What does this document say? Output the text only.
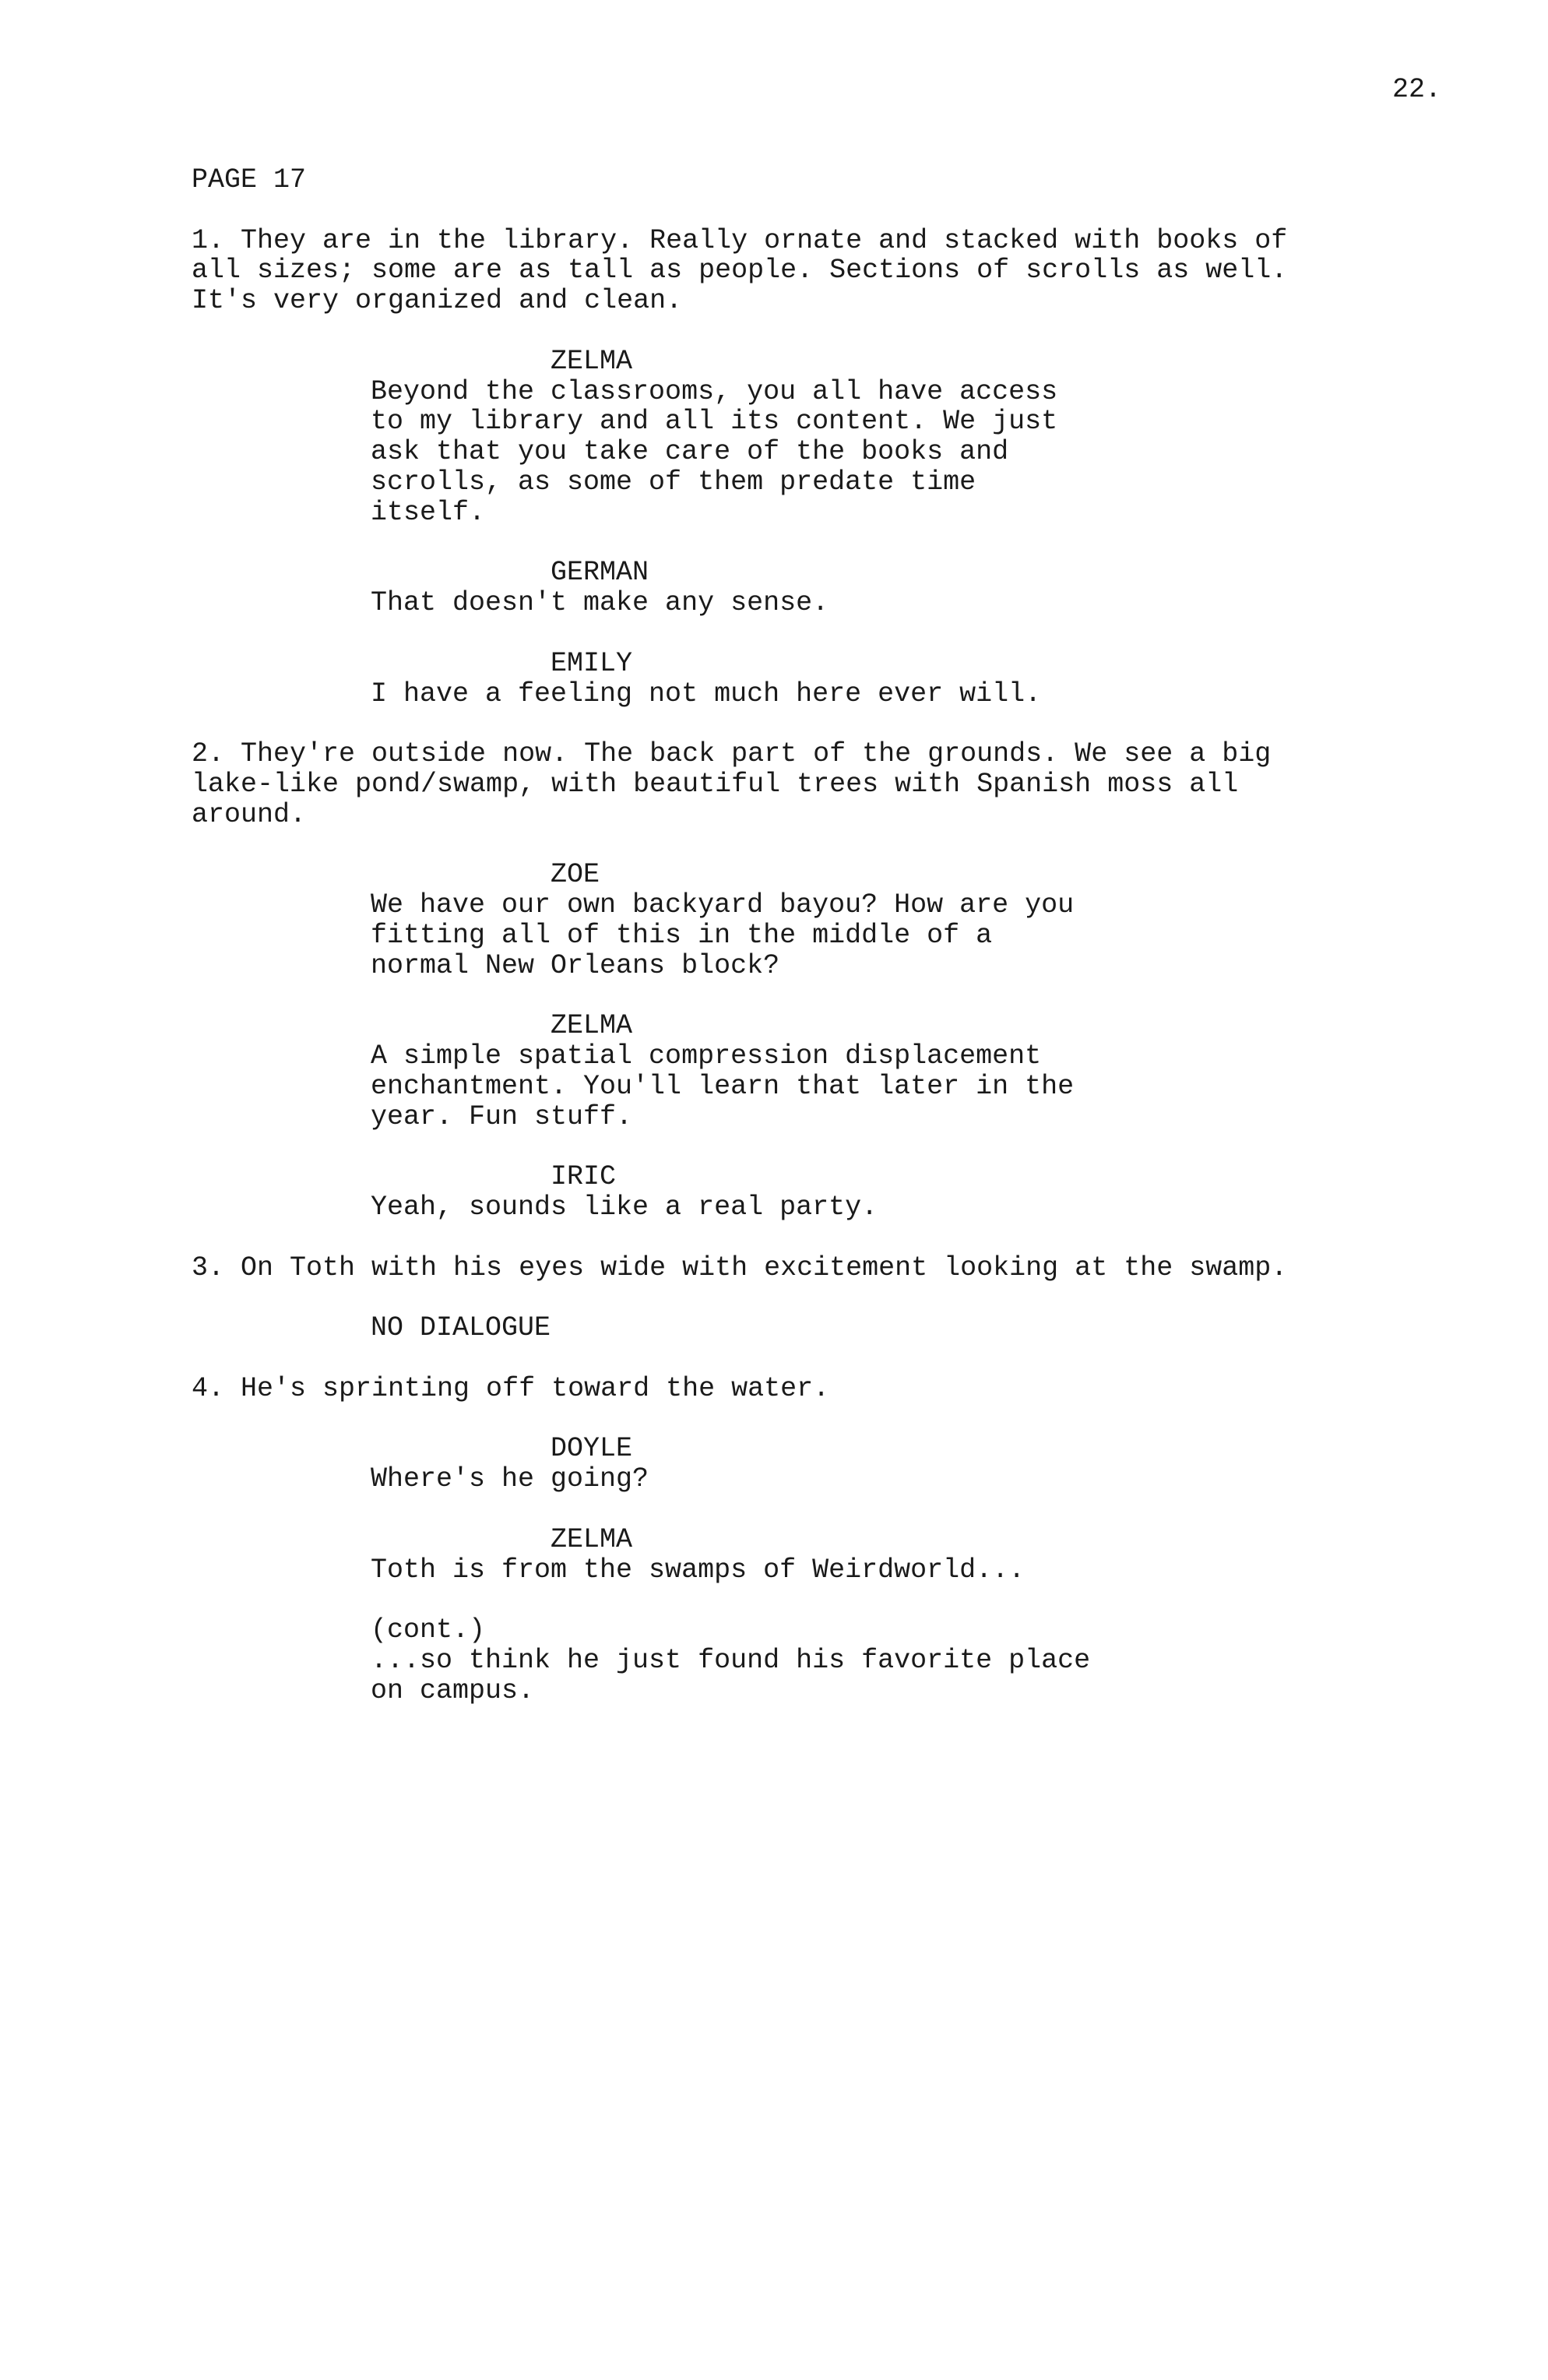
22.
PAGE 17
1. They are in the library. Really ornate and stacked with books of
all sizes; some are as tall as people. Sections of scrolls as well.
It's very organized and clean.
ZELMA
Beyond the classrooms, you all have access
to my library and all its content. We just
ask that you take care of the books and
scrolls, as some of them predate time
itself.
GERMAN
That doesn't make any sense.
EMILY
I have a feeling not much here ever will.
2. They're outside now. The back part of the grounds. We see a big
lake-like pond/swamp, with beautiful trees with Spanish moss all
around.
ZOE
We have our own backyard bayou? How are you
fitting all of this in the middle of a
normal New Orleans block?
ZELMA
A simple spatial compression displacement
enchantment. You'll learn that later in the
year. Fun stuff.
IRIC
Yeah, sounds like a real party.
3. On Toth with his eyes wide with excitement looking at the swamp.
NO DIALOGUE
4. He's sprinting off toward the water.
DOYLE
Where's he going?
ZELMA
Toth is from the swamps of Weirdworld...
(cont.)
...so think he just found his favorite place
on campus.
